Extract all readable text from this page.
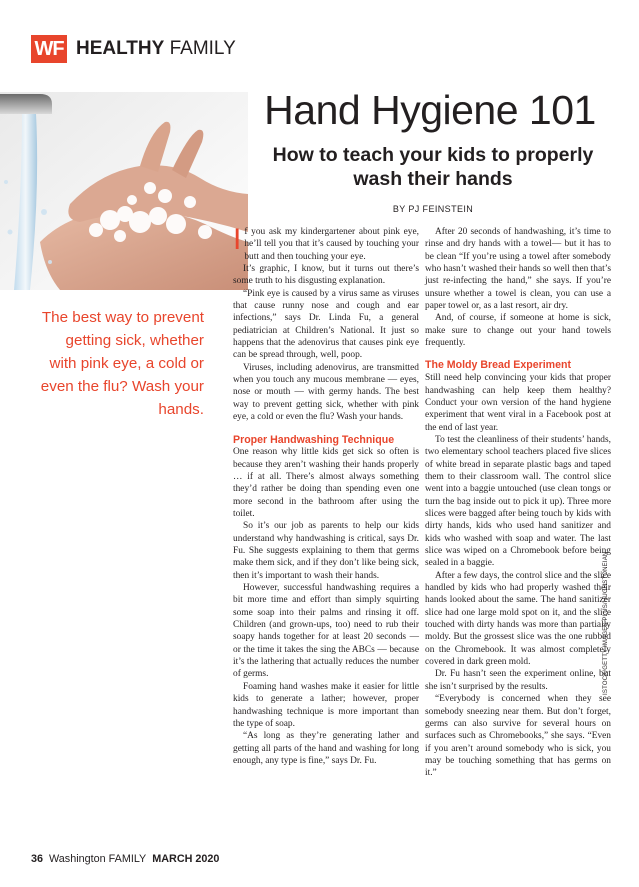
WF HEALTHY FAMILY
Hand Hygiene 101
How to teach your kids to properly wash their hands
BY PJ FEINSTEIN
The best way to prevent getting sick, whether with pink eye, a cold or even the flu? Wash your hands.

If you ask my kindergartener about pink eye, he’ll tell you that it’s caused by touching your butt and then touching your eye.

It’s graphic, I know, but it turns out there’s some truth to his disgusting explanation.

“Pink eye is caused by a virus same as viruses that cause runny nose and cough and ear infections,” says Dr. Linda Fu, a general pediatrician at Children’s National. It just so happens that the adenovirus that causes pink eye can be spread through, well, poop.

Viruses, including adenovirus, are transmitted when you touch any mucous membrane — eyes, nose or mouth — with germy hands. The best way to prevent getting sick, whether with pink eye, a cold or even the flu? Wash your hands.

Proper Handwashing Technique

One reason why little kids get sick so often is because they aren’t washing their hands properly … if at all. There’s almost always something they’d rather be doing than spending even one more second in the bathroom after using the toilet.

So it’s our job as parents to help our kids understand why handwashing is critical, says Dr. Fu. She suggests explaining to them that germs make them sick, and if they don’t like being sick, then it’s important to wash their hands.

However, successful handwashing requires a bit more time and effort than simply squirting some soap into their palms and rinsing it off. Children (and grown-ups, too) need to rub their soapy hands together for at least 20 seconds — or the time it takes the sing the ABCs — because it’s the lathering that actually reduces the number of germs.

Foaming hand washes make it easier for little kids to generate a lather; however, proper handwashing technique is more important than the type of soap.

“As long as they’re generating lather and getting all parts of the hand and washing for long enough, any type is fine,” says Dr. Fu.

After 20 seconds of handwashing, it’s time to rinse and dry hands with a towel— but it has to be clean “If you’re using a towel after somebody who hasn’t washed their hands so well then that’s just re-infecting the hand,” she says. If you’re unsure whether a towel is clean, you can use a paper towel or, as a last resort, air dry.

And, of course, if someone at home is sick, make sure to change out your hand towels frequently.

The Moldy Bread Experiment

Still need help convincing your kids that proper handwashing can help keep them healthy? Conduct your own version of the hand hygiene experiment that went viral in a Facebook post at the end of last year.

To test the cleanliness of their students’ hands, two elementary school teachers placed five slices of white bread in separate plastic bags and taped them to their classroom wall. The control slice went into a baggie untouched (use clean tongs or turn the bag inside out to pick it up). Three more slices were bagged after being touch by kids with dirty hands, kids who used hand sanitizer and kids who washed with soap and water. The last slice was wiped on a Chromebook before being sealed in a baggie.

After a few days, the control slice and the slice handled by kids who had properly washed their hands looked about the same. The hand sanitizer slice had one large mold spot on it, and the slice touched with dirty hands was more than partially moldy. But the grossest slice was the one rubbed on the Chromebook. It was almost completely covered in dark green mold.

Dr. Fu hasn’t seen the experiment online, but she isn’t surprised by the results.

“Everybody is concerned when they see somebody sneezing near them. But don’t forget, germs can also survive for several hours on surfaces such as Chromebooks,” she says. “Even if you aren’t around somebody who is sick, you may be touching something that has germs on it.”

36 Washington FAMILY MARCH 2020
ISTOCK/GETTY IMAGES PLUS/HUGHSTONEIAN
